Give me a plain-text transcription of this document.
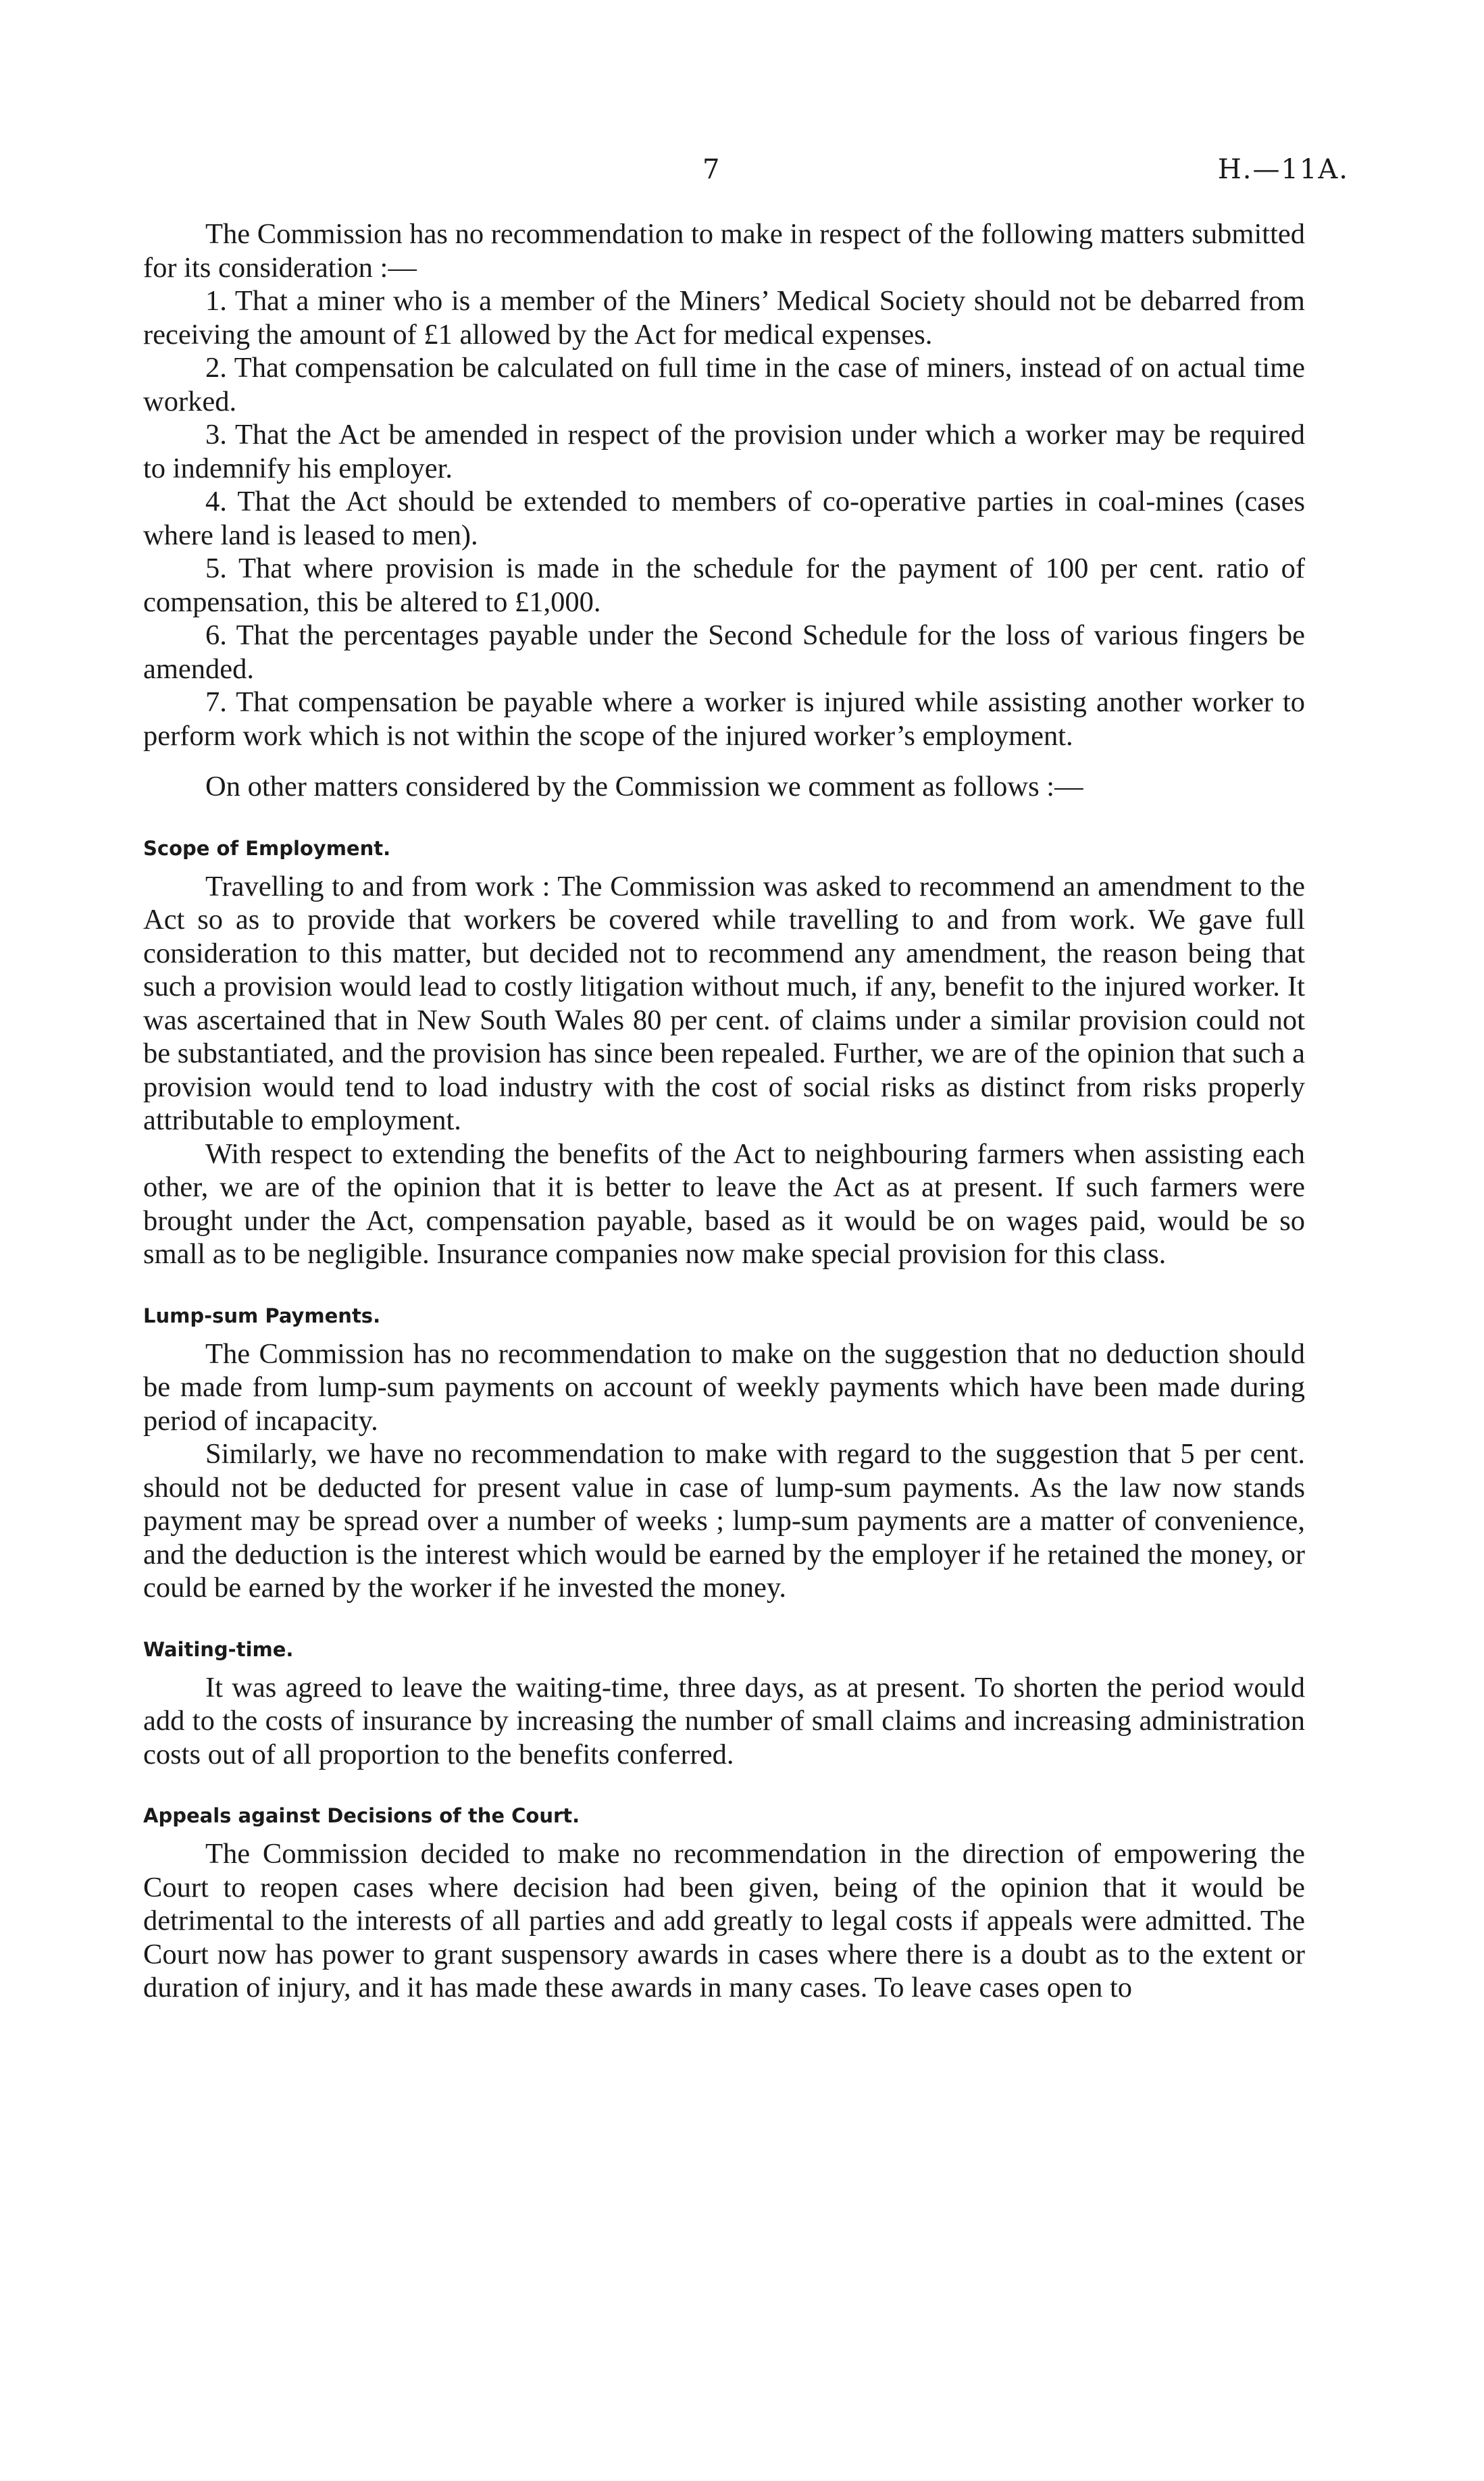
7	H.—11A.

The Commission has no recommendation to make in respect of the following matters submitted for its consideration :—

1. That a miner who is a member of the Miners’ Medical Society should not be debarred from receiving the amount of £1 allowed by the Act for medical expenses.

2. That compensation be calculated on full time in the case of miners, instead of on actual time worked.

3. That the Act be amended in respect of the provision under which a worker may be required to indemnify his employer.

4. That the Act should be extended to members of co-operative parties in coal-mines (cases where land is leased to men).

5. That where provision is made in the schedule for the payment of 100 per cent. ratio of compensation, this be altered to £1,000.

6. That the percentages payable under the Second Schedule for the loss of various fingers be amended.

7. That compensation be payable where a worker is injured while assisting another worker to perform work which is not within the scope of the injured worker’s employment.

On other matters considered by the Commission we comment as follows :—

Scope of Employment.

Travelling to and from work : The Commission was asked to recommend an amendment to the Act so as to provide that workers be covered while travelling to and from work. We gave full consideration to this matter, but decided not to recommend any amendment, the reason being that such a provision would lead to costly litigation without much, if any, benefit to the injured worker. It was ascertained that in New South Wales 80 per cent. of claims under a similar provision could not be substantiated, and the provision has since been repealed. Further, we are of the opinion that such a provision would tend to load industry with the cost of social risks as distinct from risks properly attributable to employment.

With respect to extending the benefits of the Act to neighbouring farmers when assisting each other, we are of the opinion that it is better to leave the Act as at present. If such farmers were brought under the Act, compensation payable, based as it would be on wages paid, would be so small as to be negligible. Insurance companies now make special provision for this class.

Lump-sum Payments.

The Commission has no recommendation to make on the suggestion that no deduction should be made from lump-sum payments on account of weekly payments which have been made during period of incapacity.

Similarly, we have no recommendation to make with regard to the suggestion that 5 per cent. should not be deducted for present value in case of lump-sum payments. As the law now stands payment may be spread over a number of weeks ; lump-sum payments are a matter of convenience, and the deduction is the interest which would be earned by the employer if he retained the money, or could be earned by the worker if he invested the money.

Waiting-time.

It was agreed to leave the waiting-time, three days, as at present. To shorten the period would add to the costs of insurance by increasing the number of small claims and increasing administration costs out of all proportion to the benefits conferred.

Appeals against Decisions of the Court.

The Commission decided to make no recommendation in the direction of empowering the Court to reopen cases where decision had been given, being of the opinion that it would be detrimental to the interests of all parties and add greatly to legal costs if appeals were admitted. The Court now has power to grant suspensory awards in cases where there is a doubt as to the extent or duration of injury, and it has made these awards in many cases. To leave cases open to
